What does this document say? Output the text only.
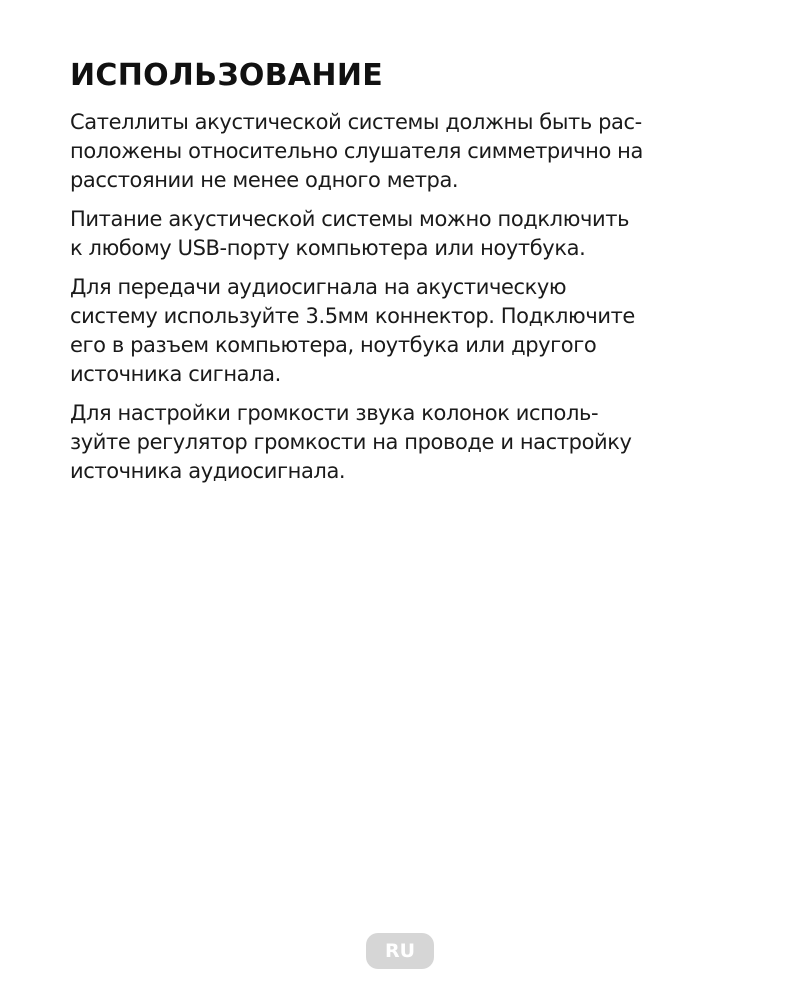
ИСПОЛЬЗОВАНИЕ

Сателлиты акустической системы должны быть рас-
положены относительно слушателя симметрично на
расстоянии не менее одного метра.

Питание акустической системы можно подключить
к любому USB-порту компьютера или ноутбука.

Для передачи аудиосигнала на акустическую
систему используйте 3.5мм коннектор. Подключите
его в разъем компьютера, ноутбука или другого
источника сигнала.

Для настройки громкости звука колонок исполь-
зуйте регулятор громкости на проводе и настройку
источника аудиосигнала.

RU
